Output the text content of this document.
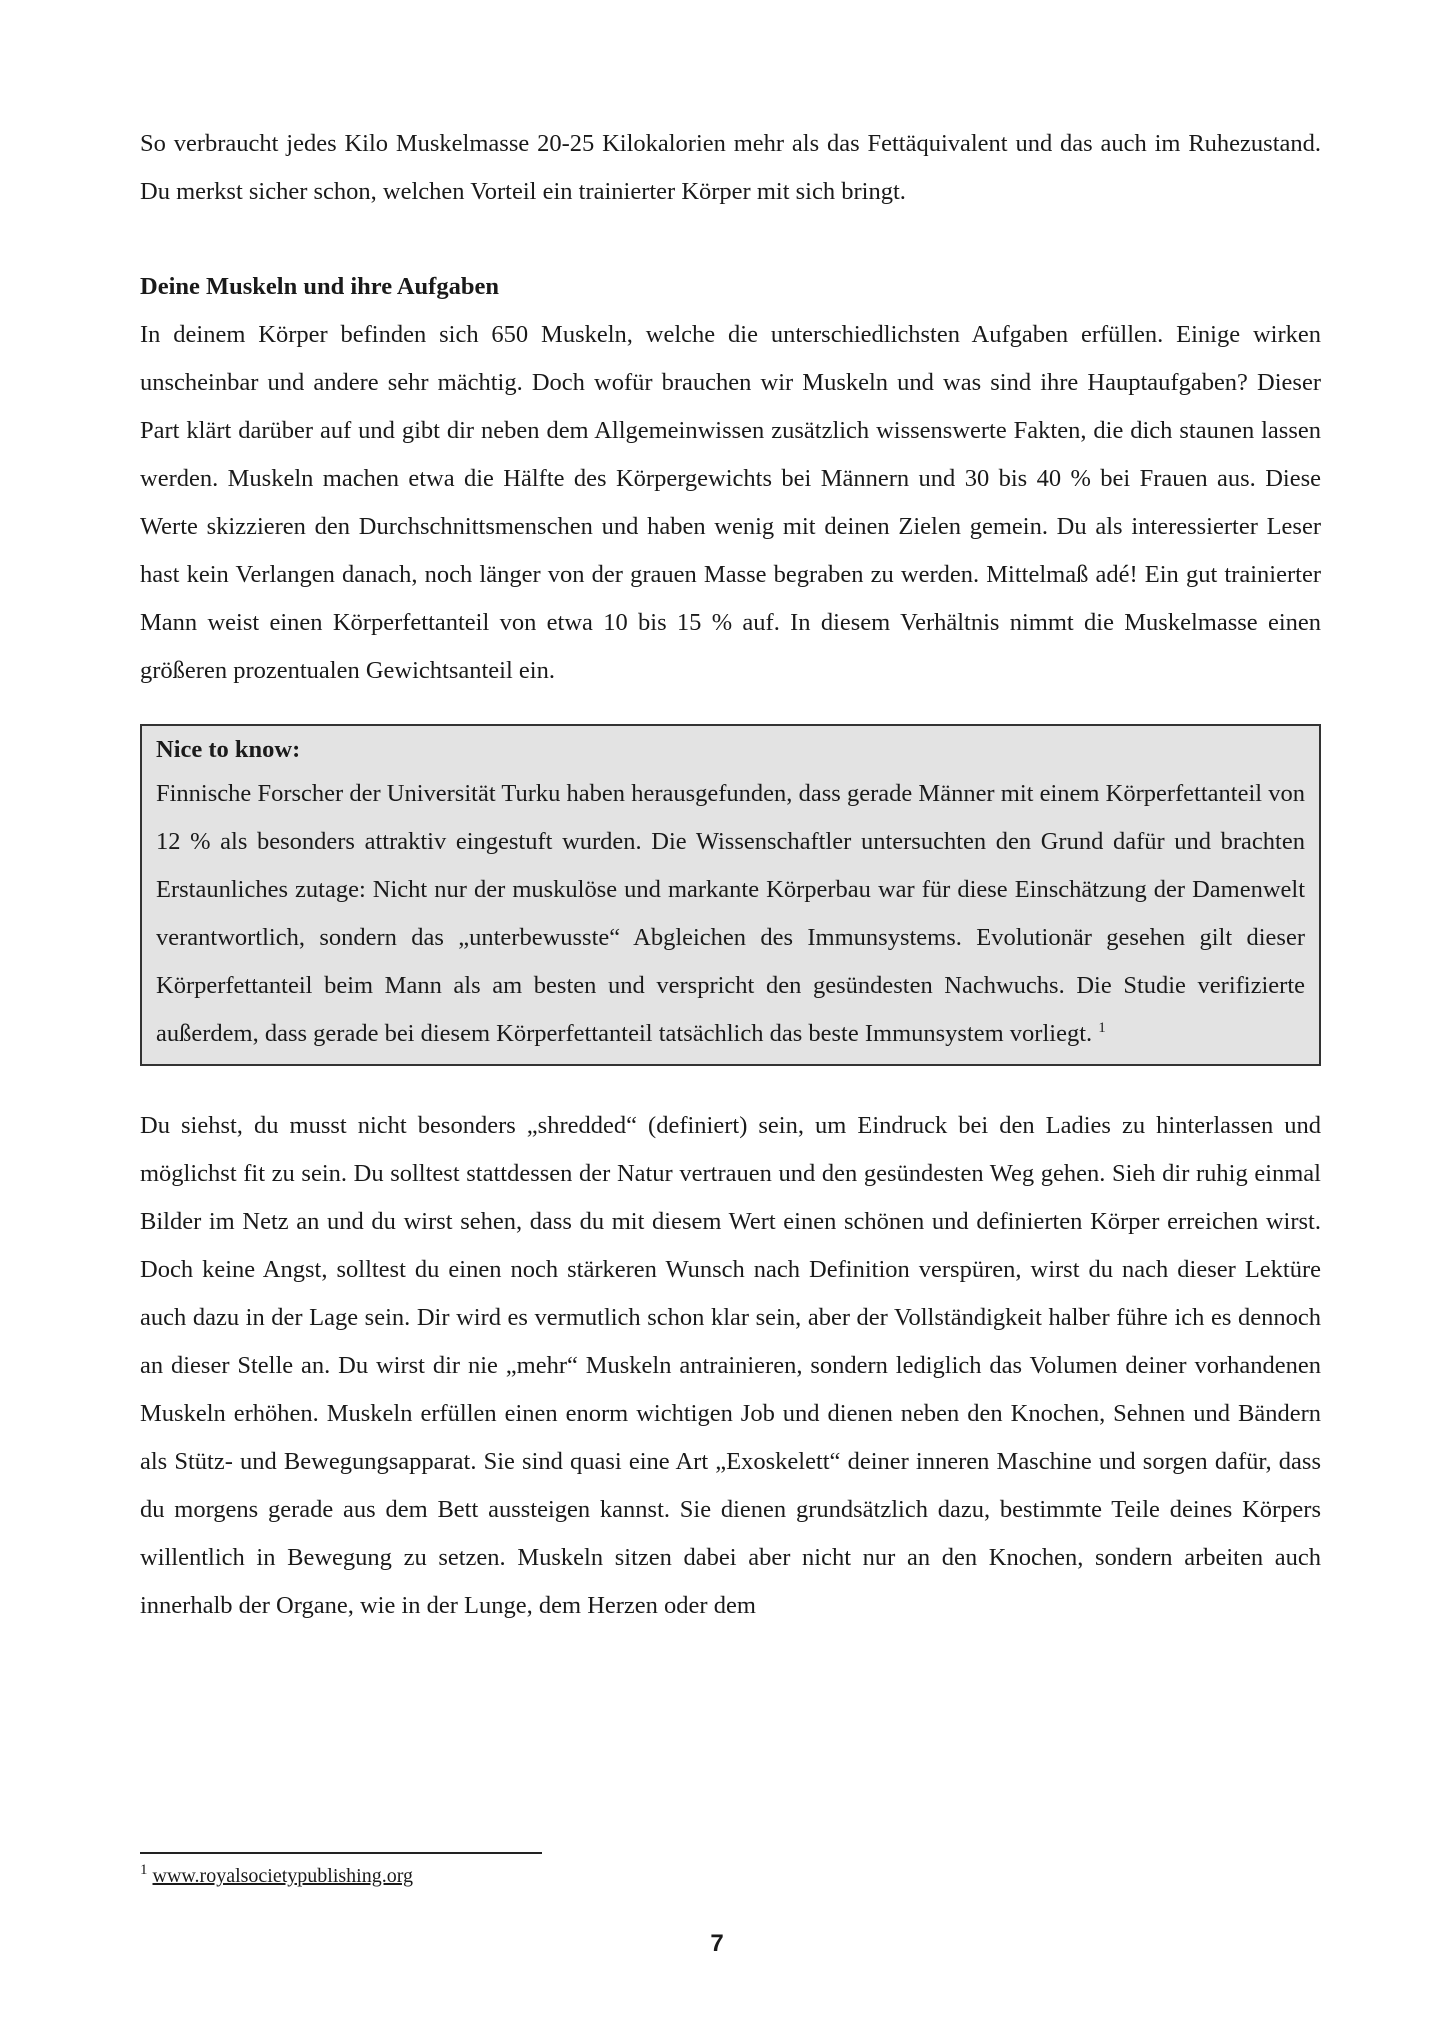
So verbraucht jedes Kilo Muskelmasse 20-25 Kilokalorien mehr als das Fettäquivalent und das auch im Ruhezustand. Du merkst sicher schon, welchen Vorteil ein trainierter Körper mit sich bringt.

Deine Muskeln und ihre Aufgaben

In deinem Körper befinden sich 650 Muskeln, welche die unterschiedlichsten Aufgaben erfüllen. Einige wirken unscheinbar und andere sehr mächtig. Doch wofür brauchen wir Muskeln und was sind ihre Hauptaufgaben? Dieser Part klärt darüber auf und gibt dir neben dem Allgemeinwissen zusätzlich wissenswerte Fakten, die dich staunen lassen werden. Muskeln machen etwa die Hälfte des Körpergewichts bei Männern und 30 bis 40 % bei Frauen aus. Diese Werte skizzieren den Durchschnittsmenschen und haben wenig mit deinen Zielen gemein. Du als interessierter Leser hast kein Verlangen danach, noch länger von der grauen Masse begraben zu werden. Mittelmaß adé! Ein gut trainierter Mann weist einen Körperfettanteil von etwa 10 bis 15 % auf. In diesem Verhältnis nimmt die Muskelmasse einen größeren prozentualen Gewichtsanteil ein.

Nice to know:
Finnische Forscher der Universität Turku haben herausgefunden, dass gerade Männer mit einem Körperfettanteil von 12 % als besonders attraktiv eingestuft wurden. Die Wissenschaftler untersuchten den Grund dafür und brachten Erstaunliches zutage: Nicht nur der muskulöse und markante Körperbau war für diese Einschätzung der Damenwelt verantwortlich, sondern das „unterbewusste“ Abgleichen des Immunsystems. Evolutionär gesehen gilt dieser Körperfettanteil beim Mann als am besten und verspricht den gesündesten Nachwuchs. Die Studie verifizierte außerdem, dass gerade bei diesem Körperfettanteil tatsächlich das beste Immunsystem vorliegt. $^1$

Du siehst, du musst nicht besonders „shredded“ (definiert) sein, um Eindruck bei den Ladies zu hinterlassen und möglichst fit zu sein. Du solltest stattdessen der Natur vertrauen und den gesündesten Weg gehen. Sieh dir ruhig einmal Bilder im Netz an und du wirst sehen, dass du mit diesem Wert einen schönen und definierten Körper erreichen wirst. Doch keine Angst, solltest du einen noch stärkeren Wunsch nach Definition verspüren, wirst du nach dieser Lektüre auch dazu in der Lage sein. Dir wird es vermutlich schon klar sein, aber der Vollständigkeit halber führe ich es dennoch an dieser Stelle an. Du wirst dir nie „mehr“ Muskeln antrainieren, sondern lediglich das Volumen deiner vorhandenen Muskeln erhöhen. Muskeln erfüllen einen enorm wichtigen Job und dienen neben den Knochen, Sehnen und Bändern als Stütz- und Bewegungsapparat. Sie sind quasi eine Art „Exoskelett“ deiner inneren Maschine und sorgen dafür, dass du morgens gerade aus dem Bett aussteigen kannst. Sie dienen grundsätzlich dazu, bestimmte Teile deines Körpers willentlich in Bewegung zu setzen. Muskeln sitzen dabei aber nicht nur an den Knochen, sondern arbeiten auch innerhalb der Organe, wie in der Lunge, dem Herzen oder dem

$^1$ www.royalsocietypublishing.org
7
